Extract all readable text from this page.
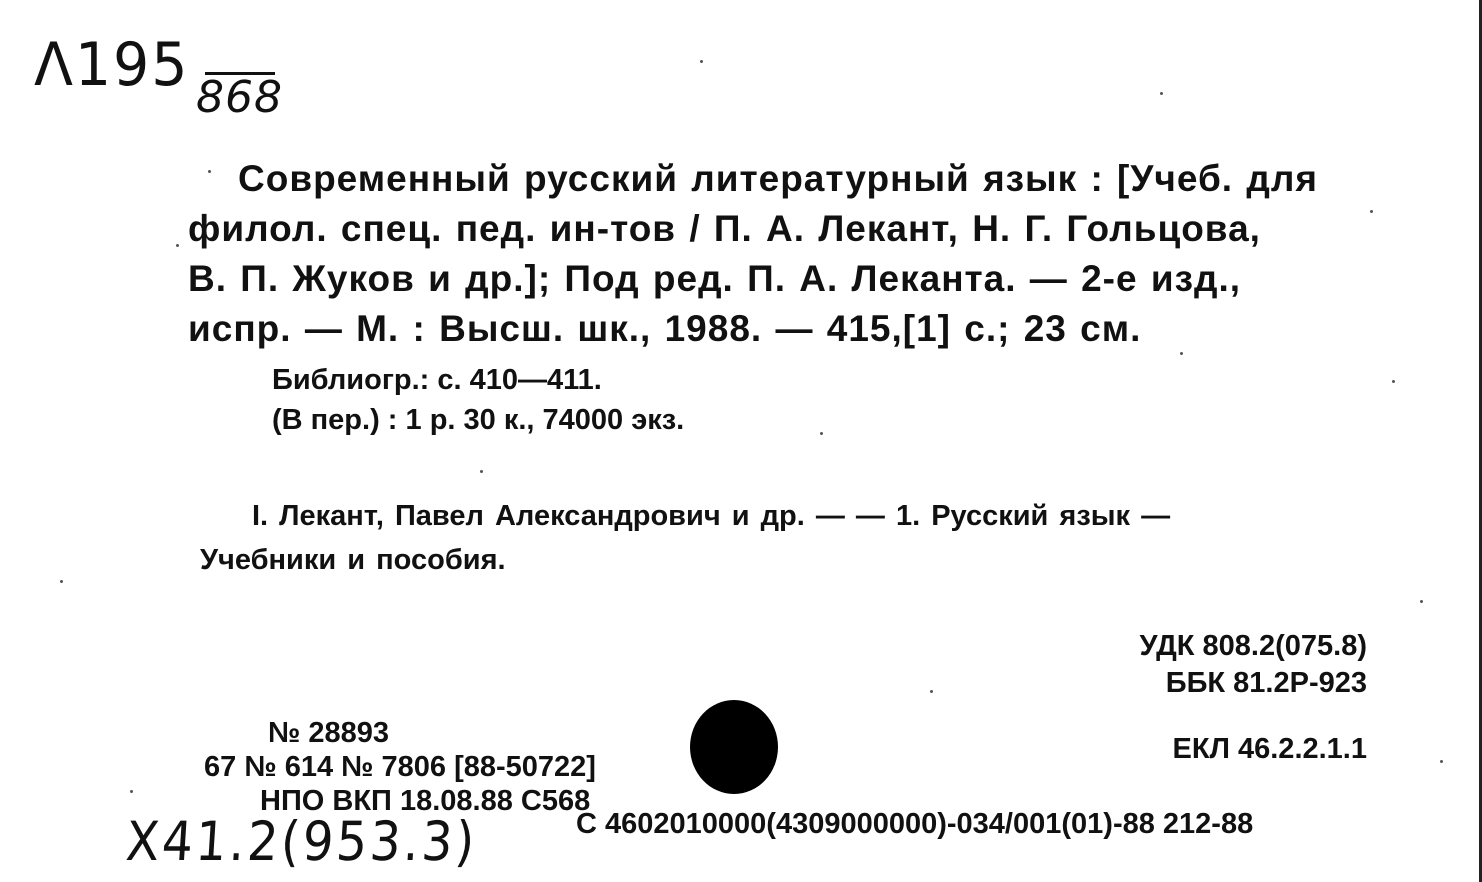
Λ195 868
Современный русский литературный язык : [Учеб. для
филол. спец. пед. ин-тов / П. А. Лекант, Н. Г. Гольцова,
В. П. Жуков и др.]; Под ред. П. А. Леканта. — 2-е изд.,
испр. — М. : Высш. шк., 1988. — 415,[1] с.; 23 см.
Библиогр.: с. 410—411.
(В пер.) : 1 р. 30 к., 74000 экз.
I. Лекант, Павел Александрович и др. — — 1. Русский язык —
Учебники и пособия.
УДК 808.2(075.8)
ББК 81.2Р-923
ЕКЛ 46.2.2.1.1
№ 28893
67 № 614 № 7806 [88-50722]
НПО ВКП 18.08.88 С568
Х41.2(953.3)	С 4602010000(4309000000)-034/001(01)-88 212-88
